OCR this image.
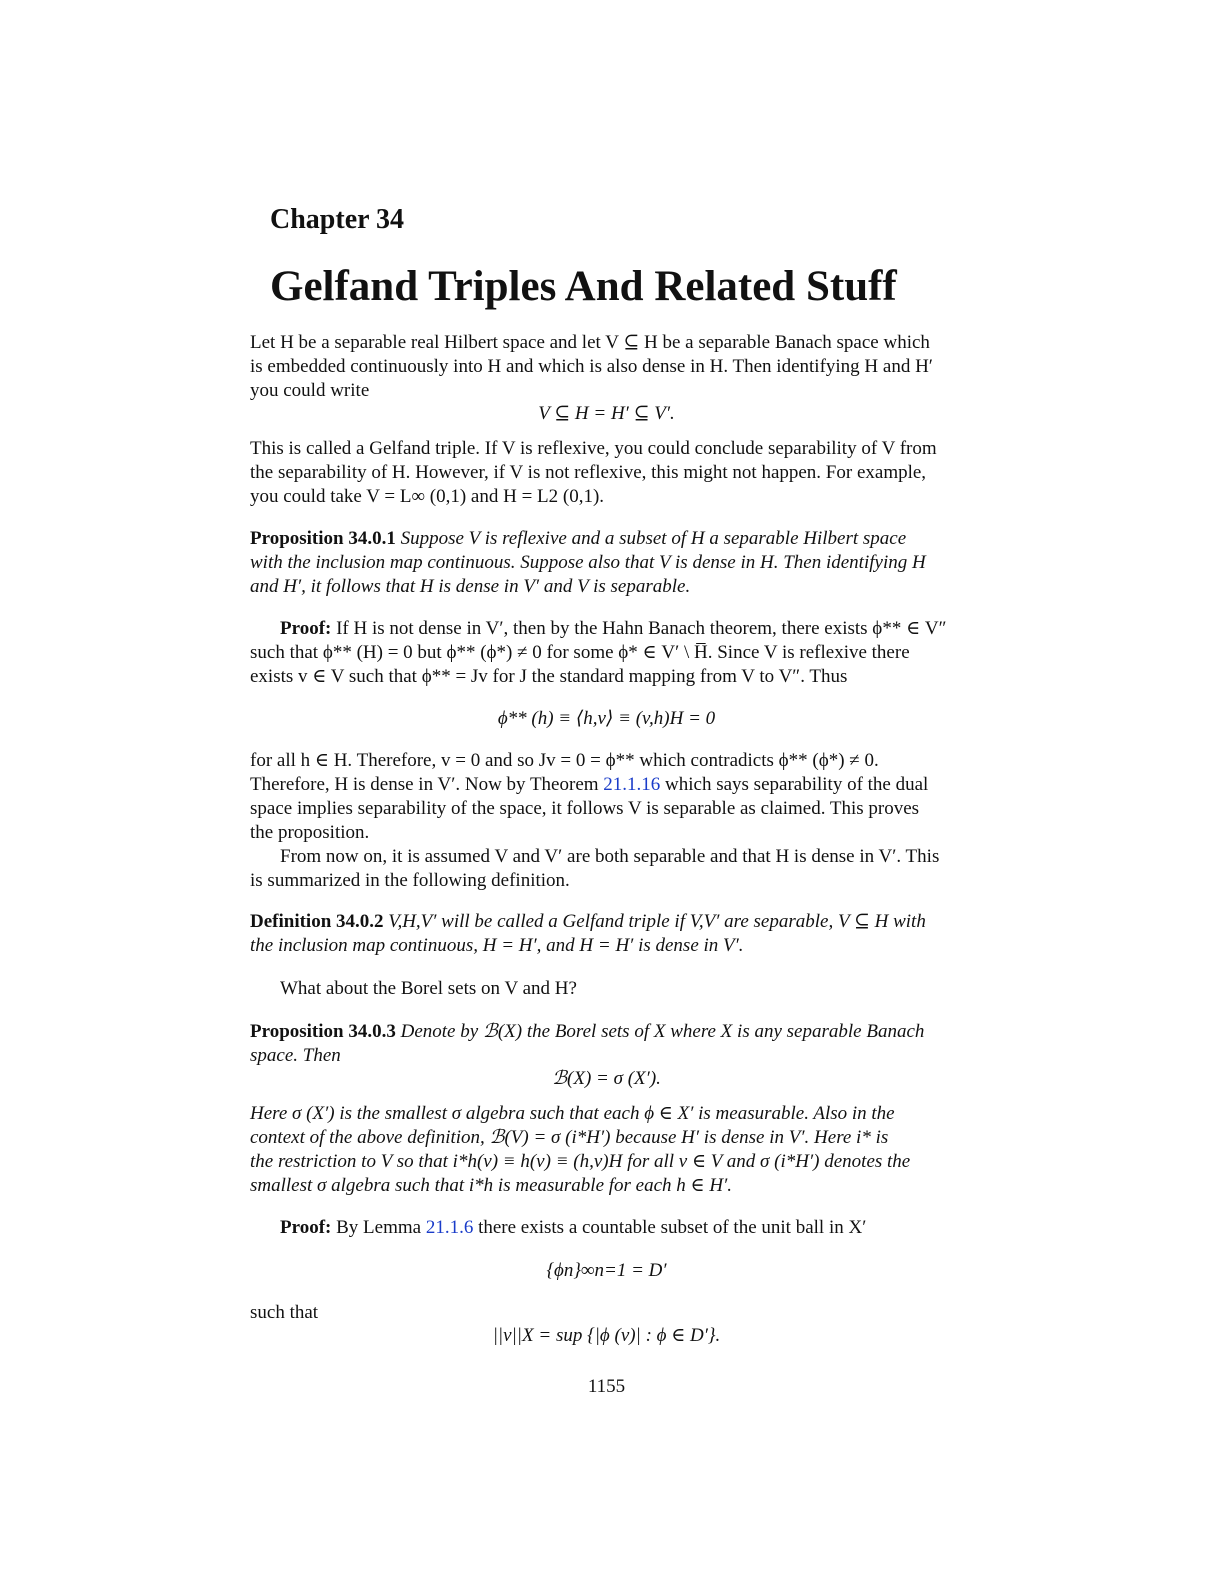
Chapter 34
Gelfand Triples And Related Stuff
Let H be a separable real Hilbert space and let V ⊆ H be a separable Banach space which
is embedded continuously into H and which is also dense in H. Then identifying H and H′
you could write
V ⊆ H = H′ ⊆ V′.
This is called a Gelfand triple. If V is reflexive, you could conclude separability of V from
the separability of H. However, if V is not reflexive, this might not happen. For example,
you could take V = L∞ (0,1) and H = L2 (0,1).
Proposition 34.0.1 Suppose V is reflexive and a subset of H a separable Hilbert space
with the inclusion map continuous. Suppose also that V is dense in H. Then identifying H
and H′, it follows that H is dense in V′ and V is separable.
Proof: If H is not dense in V′, then by the Hahn Banach theorem, there exists ϕ** ∈ V″
such that ϕ** (H) = 0 but ϕ** (ϕ*) ≠ 0 for some ϕ* ∈ V′ \ H̅. Since V is reflexive there
exists v ∈ V such that ϕ** = Jv for J the standard mapping from V to V″. Thus
ϕ** (h) ≡ ⟨h,v⟩ ≡ (v,h)H = 0
for all h ∈ H. Therefore, v = 0 and so Jv = 0 = ϕ** which contradicts ϕ** (ϕ*) ≠ 0.
Therefore, H is dense in V′. Now by Theorem 21.1.16 which says separability of the dual
space implies separability of the space, it follows V is separable as claimed. This proves
the proposition.
From now on, it is assumed V and V′ are both separable and that H is dense in V′. This
is summarized in the following definition.
Definition 34.0.2 V,H,V′ will be called a Gelfand triple if V,V′ are separable, V ⊆ H with
the inclusion map continuous, H = H′, and H = H′ is dense in V′.
What about the Borel sets on V and H?
Proposition 34.0.3 Denote by ℬ(X) the Borel sets of X where X is any separable Banach
space. Then
ℬ(X) = σ (X′).
Here σ (X′) is the smallest σ algebra such that each ϕ ∈ X′ is measurable. Also in the
context of the above definition, ℬ(V) = σ (i*H′) because H′ is dense in V′. Here i* is
the restriction to V so that i*h(v) ≡ h(v) ≡ (h,v)H for all v ∈ V and σ (i*H′) denotes the
smallest σ algebra such that i*h is measurable for each h ∈ H′.
Proof: By Lemma 21.1.6 there exists a countable subset of the unit ball in X′
{ϕn}∞n=1 = D′
such that
||v||X = sup {|ϕ (v)| : ϕ ∈ D′}.
1155
